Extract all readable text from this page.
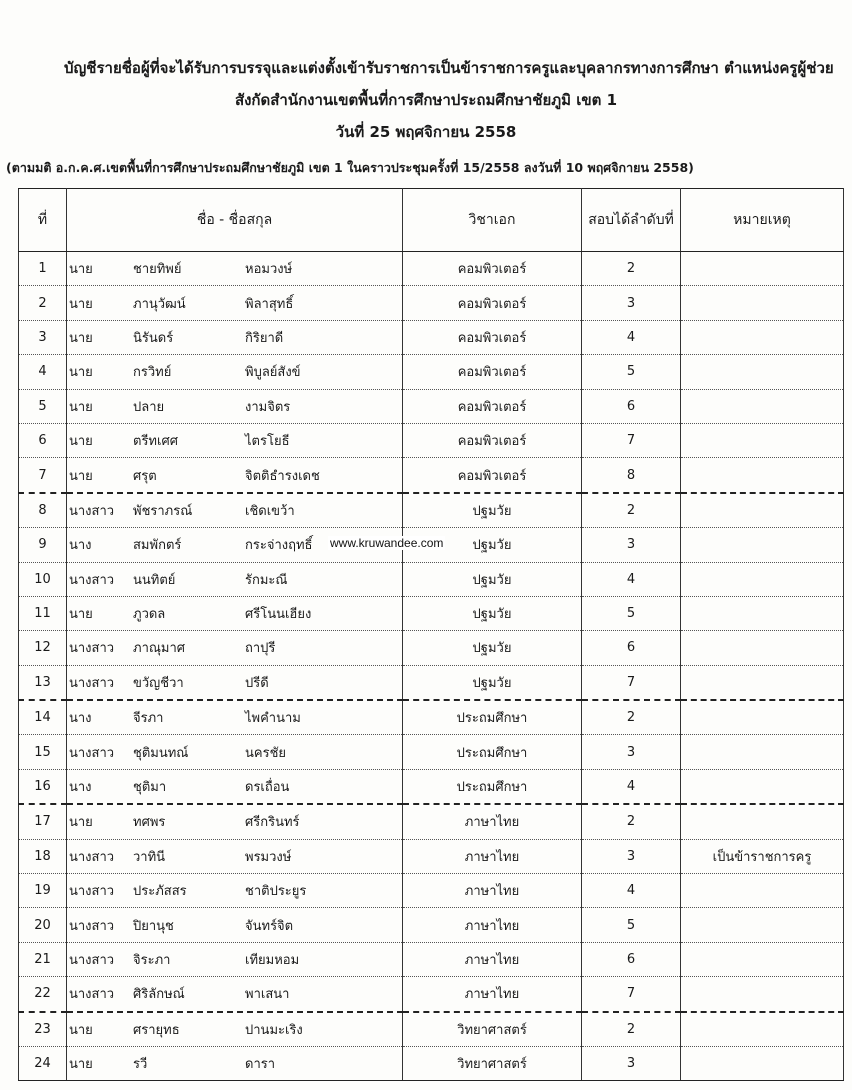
บัญชีรายชื่อผู้ที่จะได้รับการบรรจุและแต่งตั้งเข้ารับราชการเป็นข้าราชการครูและบุคลากรทางการศึกษา ตำแหน่งครูผู้ช่วย
สังกัดสำนักงานเขตพื้นที่การศึกษาประถมศึกษาชัยภูมิ เขต 1
วันที่ 25 พฤศจิกายน 2558
(ตามมติ อ.ก.ค.ศ.เขตพื้นที่การศึกษาประถมศึกษาชัยภูมิ เขต 1 ในคราวประชุมครั้งที่ 15/2558 ลงวันที่ 10 พฤศจิกายน 2558)
ที่	ชื่อ - ชื่อสกุล	วิชาเอก	สอบได้ลำดับที่	หมายเหตุ
1	นาย ชายทิพย์ หอมวงษ์	คอมพิวเตอร์	2	
2	นาย ภานุวัฒน์ พิลาสุทธิ์	คอมพิวเตอร์	3	
3	นาย นิรันดร์ กิริยาดี	คอมพิวเตอร์	4	
4	นาย กรวิทย์ พิบูลย์สังข์	คอมพิวเตอร์	5	
5	นาย ปลาย งามจิตร	คอมพิวเตอร์	6	
6	นาย ตรีทเศศ ไตรโยธี	คอมพิวเตอร์	7	
7	นาย ศรุต จิตติธำรงเดช	คอมพิวเตอร์	8	
8	นางสาว พัชราภรณ์ เชิดเขว้า	ปฐมวัย	2	
9	นาง สมพักตร์ กระจ่างฤทธิ์	ปฐมวัย	3	
10	นางสาว นนทิตย์ รักมะณี	ปฐมวัย	4	
11	นาย ภูวดล ศรีโนนเฮียง	ปฐมวัย	5	
12	นางสาว ภาณุมาศ ถาปุรี	ปฐมวัย	6	
13	นางสาว ขวัญชีวา ปรีดี	ปฐมวัย	7	
14	นาง จีรภา ไพคำนาม	ประถมศึกษา	2	
15	นางสาว ชุติมนทณ์ นครชัย	ประถมศึกษา	3	
16	นาง ชุติมา ดรเถื่อน	ประถมศึกษา	4	
17	นาย ทศพร ศรีกรินทร์	ภาษาไทย	2	
18	นางสาว วาทินี พรมวงษ์	ภาษาไทย	3	เป็นข้าราชการครู
19	นางสาว ประภัสสร ชาติประยูร	ภาษาไทย	4	
20	นางสาว ปิยานุช จันทร์จิต	ภาษาไทย	5	
21	นางสาว จิระภา เทียมหอม	ภาษาไทย	6	
22	นางสาว ศิริลักษณ์ พาเสนา	ภาษาไทย	7	
23	นาย ศรายุทธ ปานมะเริง	วิทยาศาสตร์	2	
24	นาย รวี ดารา	วิทยาศาสตร์	3	
www.kruwandee.com
